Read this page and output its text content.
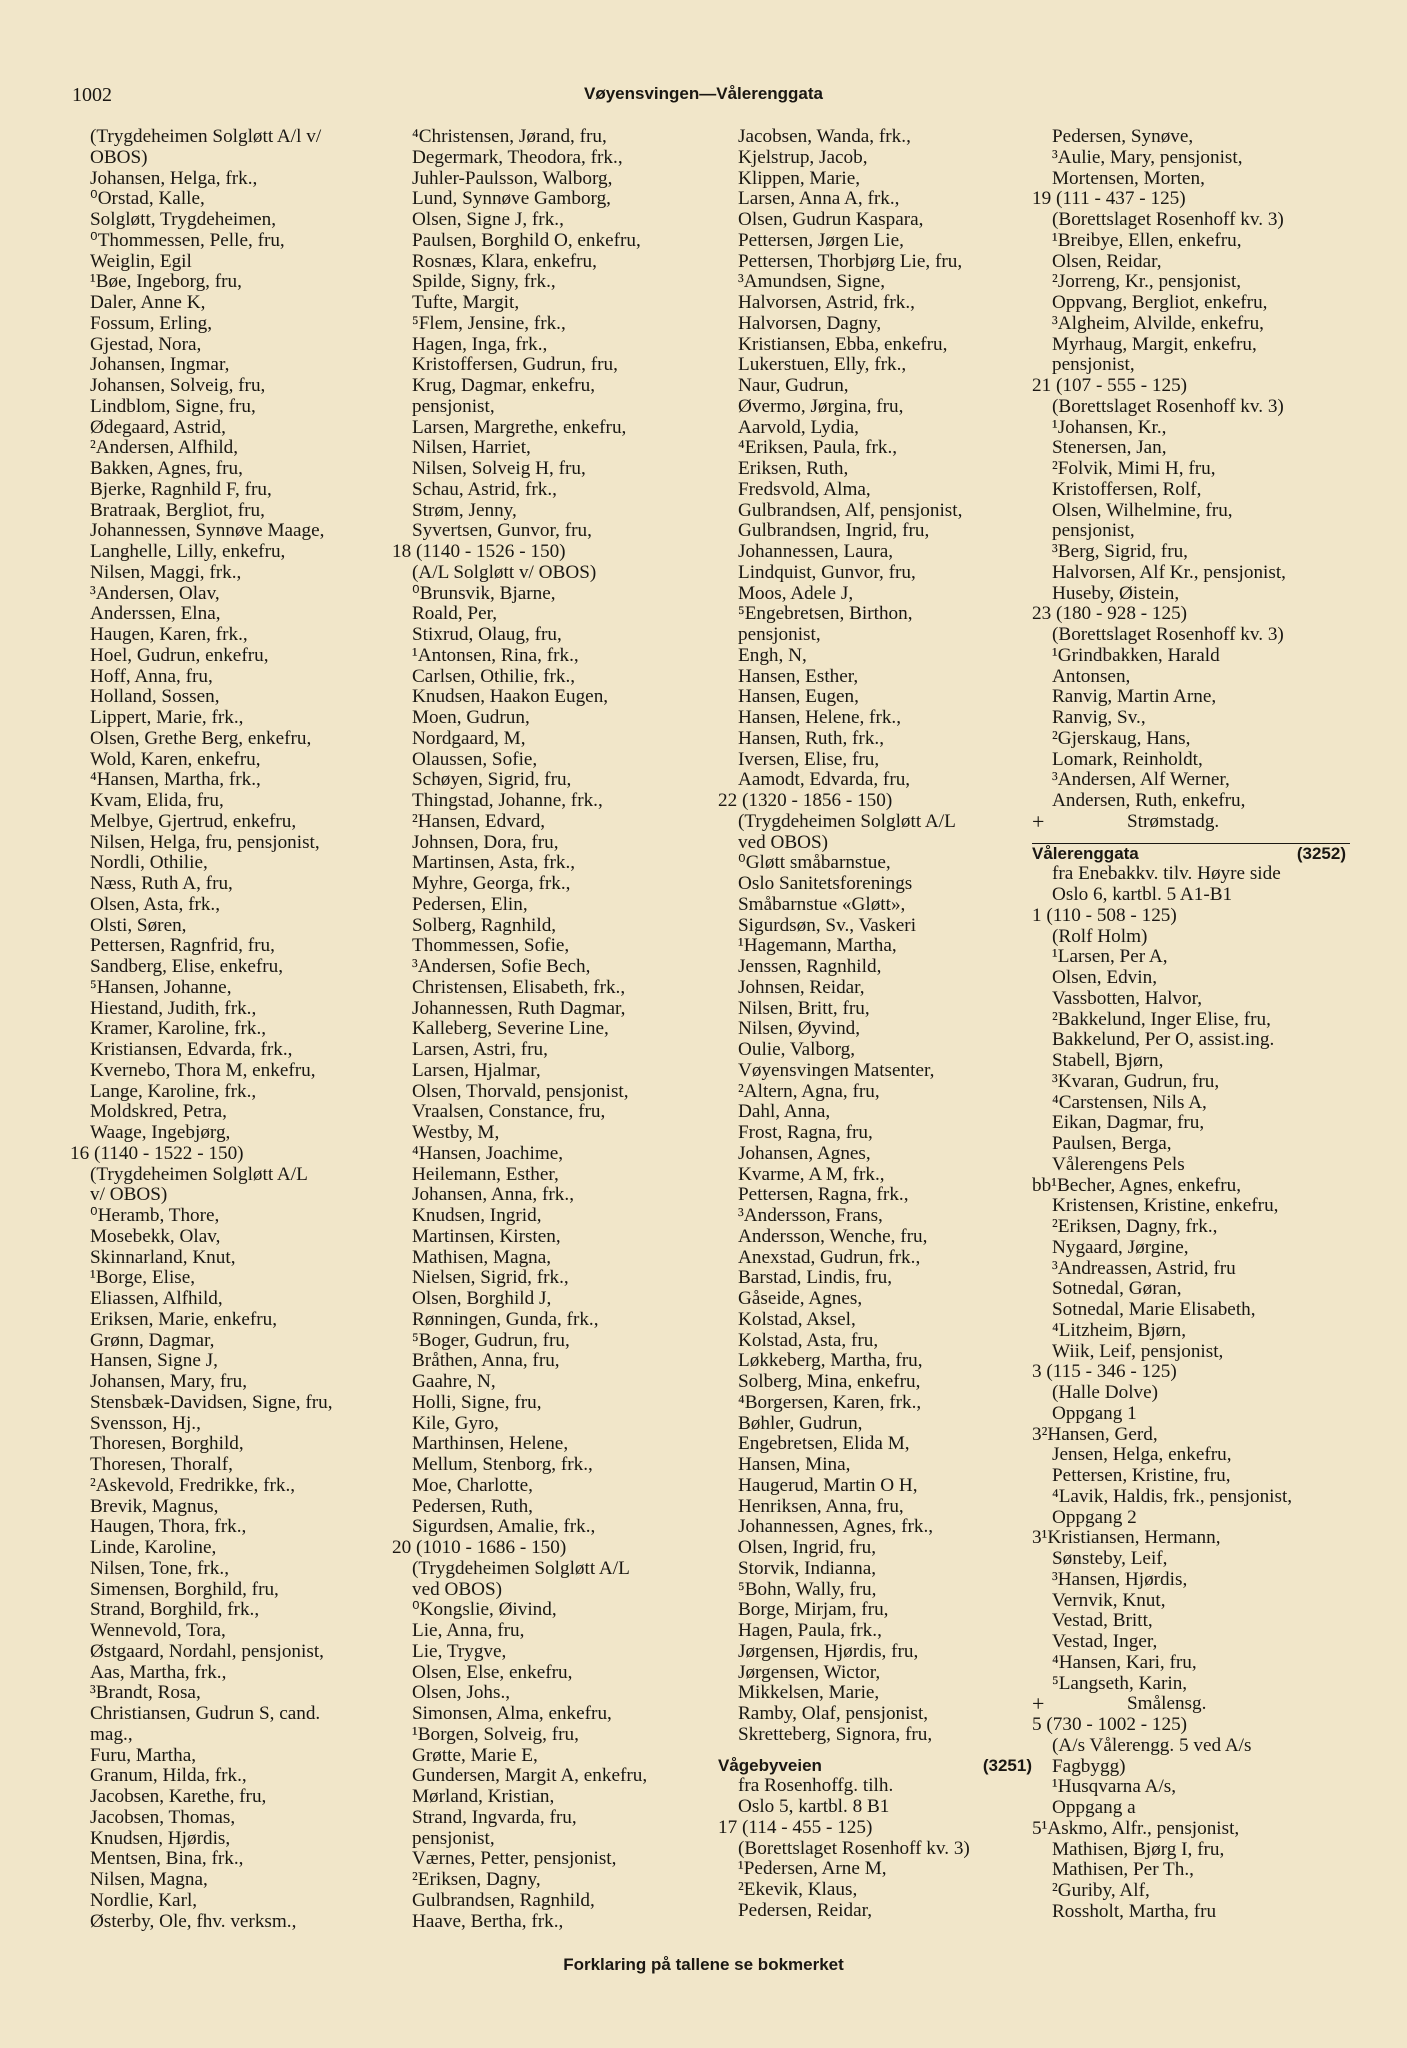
1002	Vøyensvingen—Vålerenggata
(Trygdeheimen Solgløtt A/l v/
OBOS)
Johansen, Helga, frk.,
⁰Orstad, Kalle,
Solgløtt, Trygdeheimen,
⁰Thommessen, Pelle, fru,
Weiglin, Egil
¹Bøe, Ingeborg, fru,
Daler, Anne K,
Fossum, Erling,
Gjestad, Nora,
Johansen, Ingmar,
Johansen, Solveig, fru,
Lindblom, Signe, fru,
Ødegaard, Astrid,
²Andersen, Alfhild,
Bakken, Agnes, fru,
Bjerke, Ragnhild F, fru,
Bratraak, Bergliot, fru,
Johannessen, Synnøve Maage,
Langhelle, Lilly, enkefru,
Nilsen, Maggi, frk.,
³Andersen, Olav,
Anderssen, Elna,
Haugen, Karen, frk.,
Hoel, Gudrun, enkefru,
Hoff, Anna, fru,
Holland, Sossen,
Lippert, Marie, frk.,
Olsen, Grethe Berg, enkefru,
Wold, Karen, enkefru,
⁴Hansen, Martha, frk.,
Kvam, Elida, fru,
Melbye, Gjertrud, enkefru,
Nilsen, Helga, fru, pensjonist,
Nordli, Othilie,
Næss, Ruth A, fru,
Olsen, Asta, frk.,
Olsti, Søren,
Pettersen, Ragnfrid, fru,
Sandberg, Elise, enkefru,
⁵Hansen, Johanne,
Hiestand, Judith, frk.,
Kramer, Karoline, frk.,
Kristiansen, Edvarda, frk.,
Kvernebo, Thora M, enkefru,
Lange, Karoline, frk.,
Moldskred, Petra,
Waage, Ingebjørg,
16 (1140 - 1522 - 150)
(Trygdeheimen Solgløtt A/L
v/ OBOS)
⁰Heramb, Thore,
Mosebekk, Olav,
Skinnarland, Knut,
¹Borge, Elise,
Eliassen, Alfhild,
Eriksen, Marie, enkefru,
Grønn, Dagmar,
Hansen, Signe J,
Johansen, Mary, fru,
Stensbæk-Davidsen, Signe, fru,
Svensson, Hj.,
Thoresen, Borghild,
Thoresen, Thoralf,
²Askevold, Fredrikke, frk.,
Brevik, Magnus,
Haugen, Thora, frk.,
Linde, Karoline,
Nilsen, Tone, frk.,
Simensen, Borghild, fru,
Strand, Borghild, frk.,
Wennevold, Tora,
Østgaard, Nordahl, pensjonist,
Aas, Martha, frk.,
³Brandt, Rosa,
Christiansen, Gudrun S, cand.
mag.,
Furu, Martha,
Granum, Hilda, frk.,
Jacobsen, Karethe, fru,
Jacobsen, Thomas,
Knudsen, Hjørdis,
Mentsen, Bina, frk.,
Nilsen, Magna,
Nordlie, Karl,
Østerby, Ole, fhv. verksm.,
⁴Christensen, Jørand, fru,
Degermark, Theodora, frk.,
Juhler-Paulsson, Walborg,
Lund, Synnøve Gamborg,
Olsen, Signe J, frk.,
Paulsen, Borghild O, enkefru,
Rosnæs, Klara, enkefru,
Spilde, Signy, frk.,
Tufte, Margit,
⁵Flem, Jensine, frk.,
Hagen, Inga, frk.,
Kristoffersen, Gudrun, fru,
Krug, Dagmar, enkefru,
pensjonist,
Larsen, Margrethe, enkefru,
Nilsen, Harriet,
Nilsen, Solveig H, fru,
Schau, Astrid, frk.,
Strøm, Jenny,
Syvertsen, Gunvor, fru,
18 (1140 - 1526 - 150)
(A/L Solgløtt v/ OBOS)
⁰Brunsvik, Bjarne,
Roald, Per,
Stixrud, Olaug, fru,
¹Antonsen, Rina, frk.,
Carlsen, Othilie, frk.,
Knudsen, Haakon Eugen,
Moen, Gudrun,
Nordgaard, M,
Olaussen, Sofie,
Schøyen, Sigrid, fru,
Thingstad, Johanne, frk.,
²Hansen, Edvard,
Johnsen, Dora, fru,
Martinsen, Asta, frk.,
Myhre, Georga, frk.,
Pedersen, Elin,
Solberg, Ragnhild,
Thommessen, Sofie,
³Andersen, Sofie Bech,
Christensen, Elisabeth, frk.,
Johannessen, Ruth Dagmar,
Kalleberg, Severine Line,
Larsen, Astri, fru,
Larsen, Hjalmar,
Olsen, Thorvald, pensjonist,
Vraalsen, Constance, fru,
Westby, M,
⁴Hansen, Joachime,
Heilemann, Esther,
Johansen, Anna, frk.,
Knudsen, Ingrid,
Martinsen, Kirsten,
Mathisen, Magna,
Nielsen, Sigrid, frk.,
Olsen, Borghild J,
Rønningen, Gunda, frk.,
⁵Boger, Gudrun, fru,
Bråthen, Anna, fru,
Gaahre, N,
Holli, Signe, fru,
Kile, Gyro,
Marthinsen, Helene,
Mellum, Stenborg, frk.,
Moe, Charlotte,
Pedersen, Ruth,
Sigurdsen, Amalie, frk.,
20 (1010 - 1686 - 150)
(Trygdeheimen Solgløtt A/L
ved OBOS)
⁰Kongslie, Øivind,
Lie, Anna, fru,
Lie, Trygve,
Olsen, Else, enkefru,
Olsen, Johs.,
Simonsen, Alma, enkefru,
¹Borgen, Solveig, fru,
Grøtte, Marie E,
Gundersen, Margit A, enkefru,
Mørland, Kristian,
Strand, Ingvarda, fru,
pensjonist,
Værnes, Petter, pensjonist,
²Eriksen, Dagny,
Gulbrandsen, Ragnhild,
Haave, Bertha, frk.,
Jacobsen, Wanda, frk.,
Kjelstrup, Jacob,
Klippen, Marie,
Larsen, Anna A, frk.,
Olsen, Gudrun Kaspara,
Pettersen, Jørgen Lie,
Pettersen, Thorbjørg Lie, fru,
³Amundsen, Signe,
Halvorsen, Astrid, frk.,
Halvorsen, Dagny,
Kristiansen, Ebba, enkefru,
Lukerstuen, Elly, frk.,
Naur, Gudrun,
Øvermo, Jørgina, fru,
Aarvold, Lydia,
⁴Eriksen, Paula, frk.,
Eriksen, Ruth,
Fredsvold, Alma,
Gulbrandsen, Alf, pensjonist,
Gulbrandsen, Ingrid, fru,
Johannessen, Laura,
Lindquist, Gunvor, fru,
Moos, Adele J,
⁵Engebretsen, Birthon,
pensjonist,
Engh, N,
Hansen, Esther,
Hansen, Eugen,
Hansen, Helene, frk.,
Hansen, Ruth, frk.,
Iversen, Elise, fru,
Aamodt, Edvarda, fru,
22 (1320 - 1856 - 150)
(Trygdeheimen Solgløtt A/L
ved OBOS)
⁰Gløtt småbarnstue,
Oslo Sanitetsforenings
Småbarnstue «Gløtt»,
Sigurdsøn, Sv., Vaskeri
¹Hagemann, Martha,
Jenssen, Ragnhild,
Johnsen, Reidar,
Nilsen, Britt, fru,
Nilsen, Øyvind,
Oulie, Valborg,
Vøyensvingen Matsenter,
²Altern, Agna, fru,
Dahl, Anna,
Frost, Ragna, fru,
Johansen, Agnes,
Kvarme, A M, frk.,
Pettersen, Ragna, frk.,
³Andersson, Frans,
Andersson, Wenche, fru,
Anexstad, Gudrun, frk.,
Barstad, Lindis, fru,
Gåseide, Agnes,
Kolstad, Aksel,
Kolstad, Asta, fru,
Løkkeberg, Martha, fru,
Solberg, Mina, enkefru,
⁴Borgersen, Karen, frk.,
Bøhler, Gudrun,
Engebretsen, Elida M,
Hansen, Mina,
Haugerud, Martin O H,
Henriksen, Anna, fru,
Johannessen, Agnes, frk.,
Olsen, Ingrid, fru,
Storvik, Indianna,
⁵Bohn, Wally, fru,
Borge, Mirjam, fru,
Hagen, Paula, frk.,
Jørgensen, Hjørdis, fru,
Jørgensen, Wictor,
Mikkelsen, Marie,
Ramby, Olaf, pensjonist,
Skretteberg, Signora, fru,
Vågebyveien	(3251)
fra Rosenhoffg. tilh.
Oslo 5, kartbl. 8 B1
17 (114 - 455 - 125)
(Borettslaget Rosenhoff kv. 3)
¹Pedersen, Arne M,
²Ekevik, Klaus,
Pedersen, Reidar,
Pedersen, Synøve,
³Aulie, Mary, pensjonist,
Mortensen, Morten,
19 (111 - 437 - 125)
(Borettslaget Rosenhoff kv. 3)
¹Breibye, Ellen, enkefru,
Olsen, Reidar,
²Jorreng, Kr., pensjonist,
Oppvang, Bergliot, enkefru,
³Algheim, Alvilde, enkefru,
Myrhaug, Margit, enkefru,
pensjonist,
21 (107 - 555 - 125)
(Borettslaget Rosenhoff kv. 3)
¹Johansen, Kr.,
Stenersen, Jan,
²Folvik, Mimi H, fru,
Kristoffersen, Rolf,
Olsen, Wilhelmine, fru,
pensjonist,
³Berg, Sigrid, fru,
Halvorsen, Alf Kr., pensjonist,
Huseby, Øistein,
23 (180 - 928 - 125)
(Borettslaget Rosenhoff kv. 3)
¹Grindbakken, Harald
Antonsen,
Ranvig, Martin Arne,
Ranvig, Sv.,
²Gjerskaug, Hans,
Lomark, Reinholdt,
³Andersen, Alf Werner,
Andersen, Ruth, enkefru,
+	Strømstadg.
Vålerenggata	(3252)
fra Enebakkv. tilv. Høyre side
Oslo 6, kartbl. 5 A1-B1
1 (110 - 508 - 125)
(Rolf Holm)
¹Larsen, Per A,
Olsen, Edvin,
Vassbotten, Halvor,
²Bakkelund, Inger Elise, fru,
Bakkelund, Per O, assist.ing.
Stabell, Bjørn,
³Kvaran, Gudrun, fru,
⁴Carstensen, Nils A,
Eikan, Dagmar, fru,
Paulsen, Berga,
Vålerengens Pels
bb¹Becher, Agnes, enkefru,
Kristensen, Kristine, enkefru,
²Eriksen, Dagny, frk.,
Nygaard, Jørgine,
³Andreassen, Astrid, fru
Sotnedal, Gøran,
Sotnedal, Marie Elisabeth,
⁴Litzheim, Bjørn,
Wiik, Leif, pensjonist,
3 (115 - 346 - 125)
(Halle Dolve)
Oppgang 1
3²Hansen, Gerd,
Jensen, Helga, enkefru,
Pettersen, Kristine, fru,
⁴Lavik, Haldis, frk., pensjonist,
Oppgang 2
3¹Kristiansen, Hermann,
Sønsteby, Leif,
³Hansen, Hjørdis,
Vernvik, Knut,
Vestad, Britt,
Vestad, Inger,
⁴Hansen, Kari, fru,
⁵Langseth, Karin,
+	Smålensg.
5 (730 - 1002 - 125)
(A/s Vålerengg. 5 ved A/s
Fagbygg)
¹Husqvarna A/s,
Oppgang a
5¹Askmo, Alfr., pensjonist,
Mathisen, Bjørg I, fru,
Mathisen, Per Th.,
²Guriby, Alf,
Rossholt, Martha, fru
Forklaring på tallene se bokmerket
